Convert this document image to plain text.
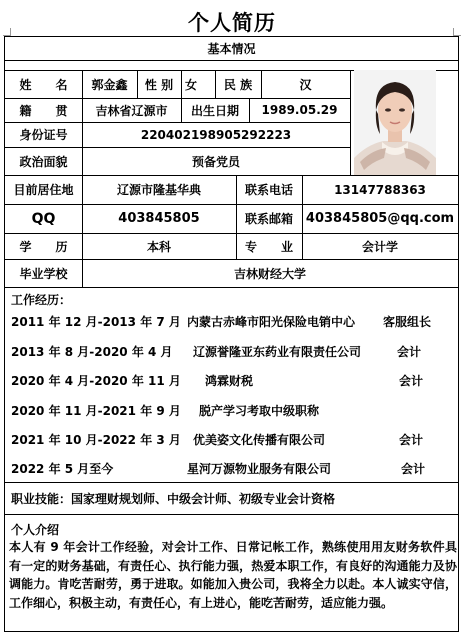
个人简历
基本情况
姓　　名	郭金鑫	性 别 女	民 族	汉
籍　　贯	吉林省辽源市	出生日期	1989.05.29
身份证号	220402198905292223
政治面貌	预备党员
目前居住地	辽源市隆基华典	联系电话	13147788363
QQ	403845805	联系邮箱 403845805@qq.com
学　　历	本科	专　　业	会计学
毕业学校	吉林财经大学
工作经历：
2011 年 12 月-2013 年 7 月 内蒙古赤峰市阳光保险电销中心 客服组长
2013 年 8 月-2020 年 4 月 辽源誉隆亚东药业有限责任公司	会计
2020 年 4 月-2020 年 11 月 鸿霖财税	会计
2020 年 11 月-2021 年 9 月 脱产学习考取中级职称
2021 年 10 月-2022 年 3 月 优美姿文化传播有限公司	会计
2022 年 5 月至今	星河万源物业服务有限公司	会计
职业技能：国家理财规划师、中级会计师、初级专业会计资格
个人介绍
本人有 9 年会计工作经验，对会计工作、日常记帐工作，熟练使用用友财务软件具有一定的财务基础，有责任心、执行能力强，热爱本职工作，有良好的沟通能力及协调能力。肯吃苦耐劳，勇于进取。如能加入贵公司，我将全力以赴。本人诚实守信，工作细心，积极主动，有责任心，有上进心，能吃苦耐劳，适应能力强。
